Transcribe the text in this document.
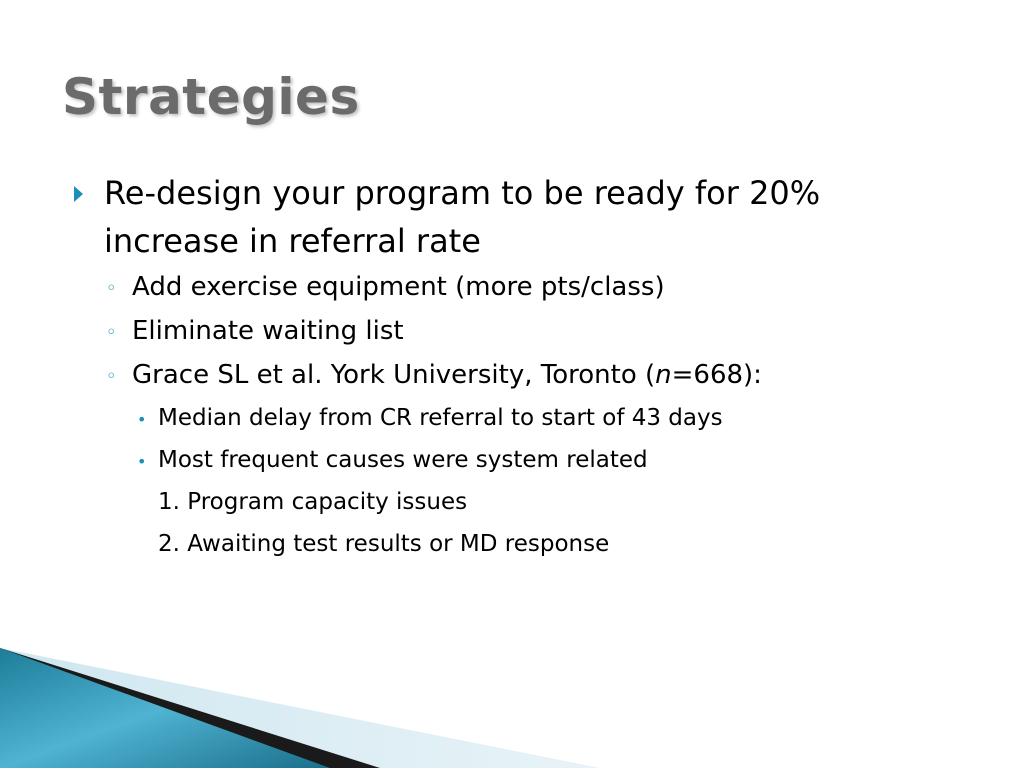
Strategies
Re-design your program to be ready for 20%
increase in referral rate
◦ Add exercise equipment (more pts/class)
◦ Eliminate waiting list
◦ Grace SL et al. York University, Toronto (n=668):
• Median delay from CR referral to start of 43 days
• Most frequent causes were system related
1. Program capacity issues
2. Awaiting test results or MD response
